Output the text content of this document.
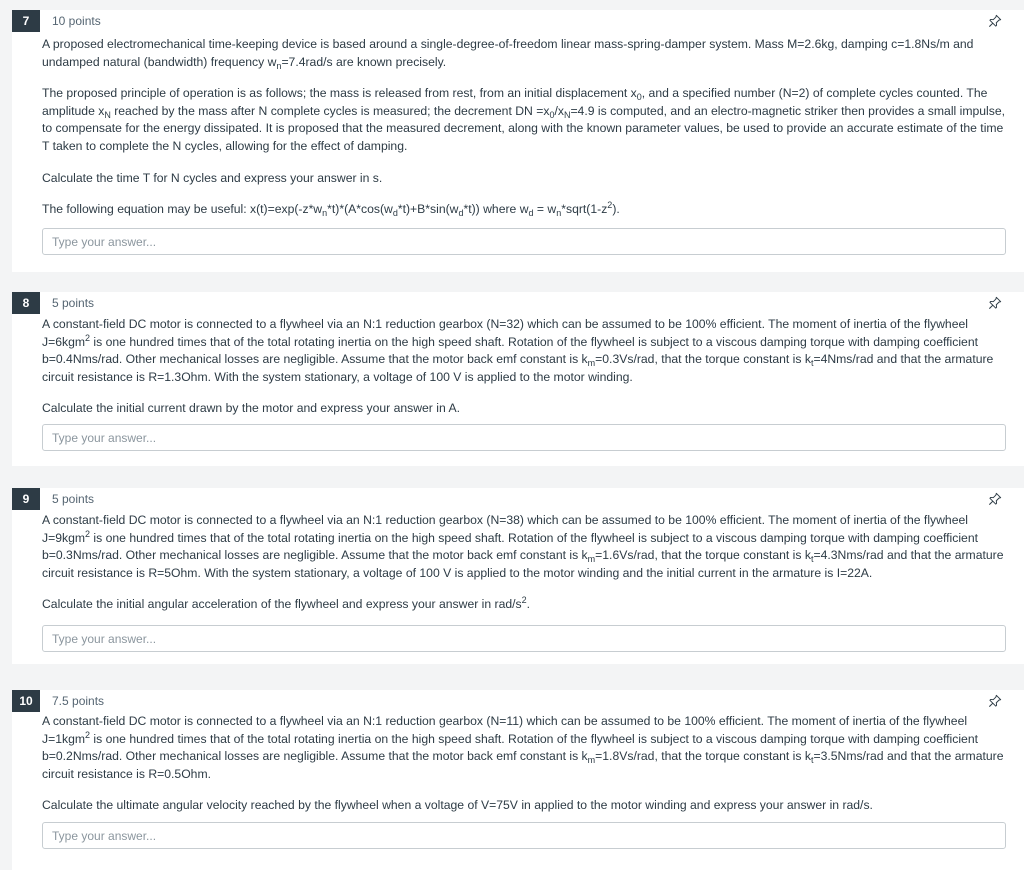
7	10 points

A proposed electromechanical time-keeping device is based around a single-degree-of-freedom linear mass-spring-damper system. Mass M=2.6kg, damping c=1.8Ns/m and undamped natural (bandwidth) frequency $w_n=7.4rad/s$ are known precisely.

The proposed principle of operation is as follows; the mass is released from rest, from an initial displacement $x_0$, and a specified number (N=2) of complete cycles counted. The amplitude $x_N$ reached by the mass after N complete cycles is measured; the decrement DN $=x_0/x_N=4.9$ is computed, and an electro-magnetic striker then provides a small impulse, to compensate for the energy dissipated. It is proposed that the measured decrement, along with the known parameter values, be used to provide an accurate estimate of the time T taken to complete the N cycles, allowing for the effect of damping.

Calculate the time T for N cycles and express your answer in s.

The following equation may be useful: $x(t)=\exp(-z*w_n*t)*(A*\cos(w_d*t)+B*\sin(w_d*t))$ where $w_d$ = $w_n*sqrt(1-z^2)$.

Type your answer...
8	5 points

A constant-field DC motor is connected to a flywheel via an N:1 reduction gearbox (N=32) which can be assumed to be 100% efficient. The moment of inertia of the flywheel J=6kgm$^2$ is one hundred times that of the total rotating inertia on the high speed shaft. Rotation of the flywheel is subject to a viscous damping torque with damping coefficient b=0.4Nms/rad. Other mechanical losses are negligible. Assume that the motor back emf constant is $k_m=0.3Vs$/rad, that the torque constant is $k_t=4Nms$/rad and that the armature circuit resistance is R=1.3Ohm. With the system stationary, a voltage of 100 V is applied to the motor winding.

Calculate the initial current drawn by the motor and express your answer in A.

Type your answer...
9	5 points

A constant-field DC motor is connected to a flywheel via an N:1 reduction gearbox (N=38) which can be assumed to be 100% efficient. The moment of inertia of the flywheel J=9kgm$^2$ is one hundred times that of the total rotating inertia on the high speed shaft. Rotation of the flywheel is subject to a viscous damping torque with damping coefficient b=0.3Nms/rad. Other mechanical losses are negligible. Assume that the motor back emf constant is $k_m=1.6Vs$/rad, that the torque constant is $k_t=4.3Nms$/rad and that the armature circuit resistance is R=5Ohm. With the system stationary, a voltage of 100 V is applied to the motor winding and the initial current in the armature is I=22A.

Calculate the initial angular acceleration of the flywheel and express your answer in rad/$s^2$.

Type your answer...
10	7.5 points

A constant-field DC motor is connected to a flywheel via an N:1 reduction gearbox (N=11) which can be assumed to be 100% efficient. The moment of inertia of the flywheel J=1kgm$^2$ is one hundred times that of the total rotating inertia on the high speed shaft. Rotation of the flywheel is subject to a viscous damping torque with damping coefficient b=0.2Nms/rad. Other mechanical losses are negligible. Assume that the motor back emf constant is $k_m=1.8Vs$/rad, that the torque constant is $k_t=3.5Nms$/rad and that the armature circuit resistance is R=0.5Ohm.

Calculate the ultimate angular velocity reached by the flywheel when a voltage of V=75V in applied to the motor winding and express your answer in rad/s.

Type your answer...
